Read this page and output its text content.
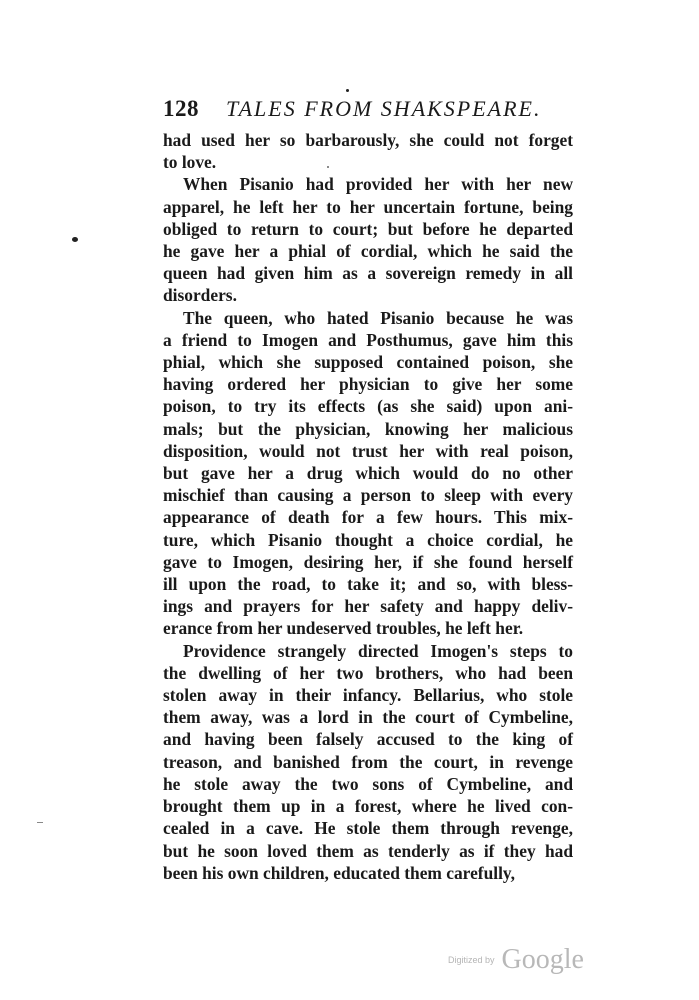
128 TALES FROM SHAKSPEARE.
had used her so barbarously, she could not forget
to love.
When Pisanio had provided her with her new
apparel, he left her to her uncertain fortune, being
obliged to return to court; but before he departed
he gave her a phial of cordial, which he said the
queen had given him as a sovereign remedy in all
disorders.
The queen, who hated Pisanio because he was
a friend to Imogen and Posthumus, gave him this
phial, which she supposed contained poison, she
having ordered her physician to give her some
poison, to try its effects (as she said) upon ani-
mals; but the physician, knowing her malicious
disposition, would not trust her with real poison,
but gave her a drug which would do no other
mischief than causing a person to sleep with every
appearance of death for a few hours. This mix-
ture, which Pisanio thought a choice cordial, he
gave to Imogen, desiring her, if she found herself
ill upon the road, to take it; and so, with bless-
ings and prayers for her safety and happy deliv-
erance from her undeserved troubles, he left her.
Providence strangely directed Imogen's steps to
the dwelling of her two brothers, who had been
stolen away in their infancy. Bellarius, who stole
them away, was a lord in the court of Cymbeline,
and having been falsely accused to the king of
treason, and banished from the court, in revenge
he stole away the two sons of Cymbeline, and
brought them up in a forest, where he lived con-
cealed in a cave. He stole them through revenge,
but he soon loved them as tenderly as if they had
been his own children, educated them carefully,
Digitized by Google
